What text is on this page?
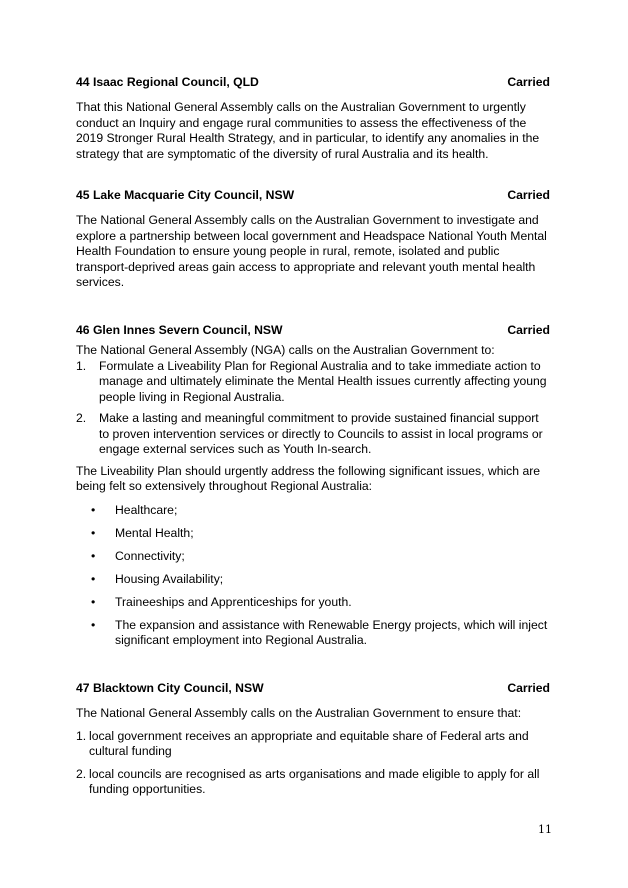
44 Isaac Regional Council, QLD	Carried

That this National General Assembly calls on the Australian Government to urgently conduct an Inquiry and engage rural communities to assess the effectiveness of the 2019 Stronger Rural Health Strategy, and in particular, to identify any anomalies in the strategy that are symptomatic of the diversity of rural Australia and its health.

45 Lake Macquarie City Council, NSW	Carried

The National General Assembly calls on the Australian Government to investigate and explore a partnership between local government and Headspace National Youth Mental Health Foundation to ensure young people in rural, remote, isolated and public transport-deprived areas gain access to appropriate and relevant youth mental health services.

46 Glen Innes Severn Council, NSW	Carried

The National General Assembly (NGA) calls on the Australian Government to:

1. Formulate a Liveability Plan for Regional Australia and to take immediate action to manage and ultimately eliminate the Mental Health issues currently affecting young people living in Regional Australia.
2. Make a lasting and meaningful commitment to provide sustained financial support to proven intervention services or directly to Councils to assist in local programs or engage external services such as Youth In-search.

The Liveability Plan should urgently address the following significant issues, which are being felt so extensively throughout Regional Australia:

• Healthcare;
• Mental Health;
• Connectivity;
• Housing Availability;
• Traineeships and Apprenticeships for youth.
• The expansion and assistance with Renewable Energy projects, which will inject significant employment into Regional Australia.
47 Blacktown City Council, NSW	Carried

The National General Assembly calls on the Australian Government to ensure that:

1. local government receives an appropriate and equitable share of Federal arts and cultural funding
2. local councils are recognised as arts organisations and made eligible to apply for all funding opportunities.
11
